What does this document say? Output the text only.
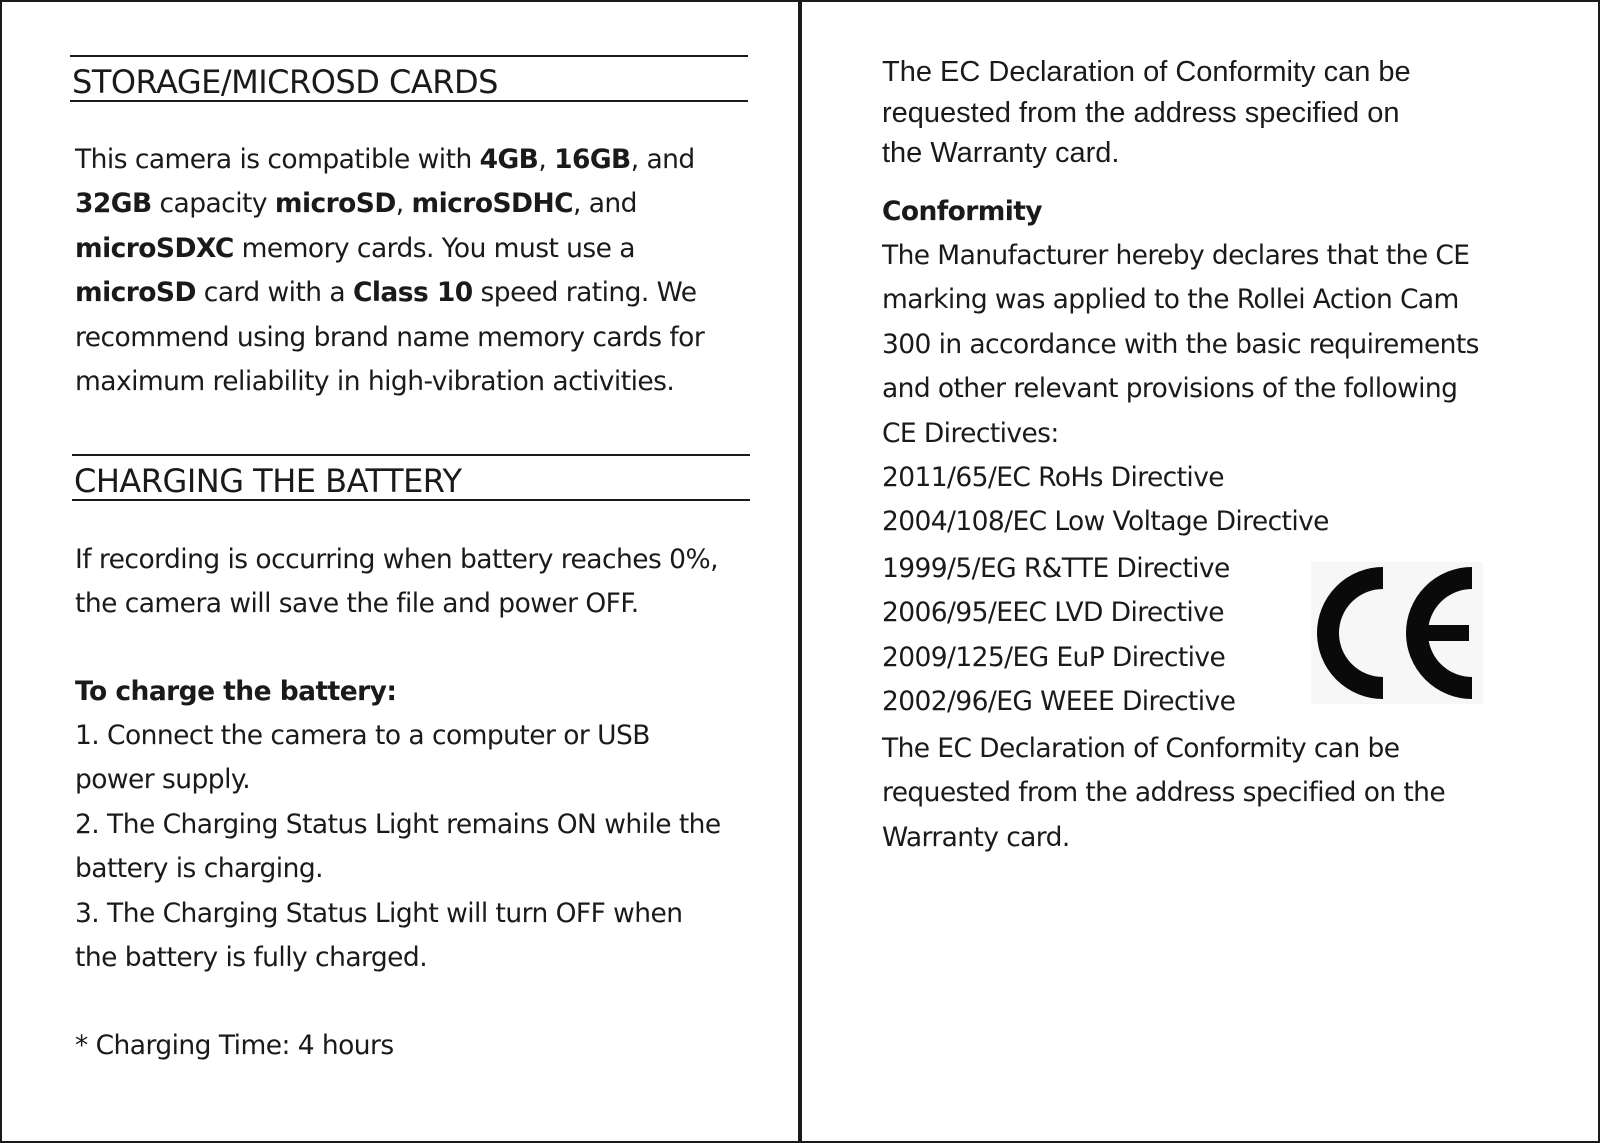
STORAGE/MICROSD CARDS
This camera is compatible with 4GB, 16GB, and
32GB capacity microSD, microSDHC, and
microSDXC memory cards. You must use a
microSD card with a Class 10 speed rating. We
recommend using brand name memory cards for
maximum reliability in high-vibration activities.
CHARGING THE BATTERY
If recording is occurring when battery reaches 0%,
the camera will save the file and power OFF.
To charge the battery:
1. Connect the camera to a computer or USB
power supply.
2. The Charging Status Light remains ON while the
battery is charging.
3. The Charging Status Light will turn OFF when
the battery is fully charged.
* Charging Time: 4 hours
The EC Declaration of Conformity can be
requested from the address specified on
the Warranty card.
Conformity
The Manufacturer hereby declares that the CE
marking was applied to the Rollei Action Cam
300 in accordance with the basic requirements
and other relevant provisions of the following
CE Directives:
2011/65/EC RoHs Directive
2004/108/EC Low Voltage Directive
1999/5/EG R&TTE Directive
2006/95/EEC LVD Directive
2009/125/EG EuP Directive
2002/96/EG WEEE Directive
The EC Declaration of Conformity can be
requested from the address specified on the
Warranty card.
